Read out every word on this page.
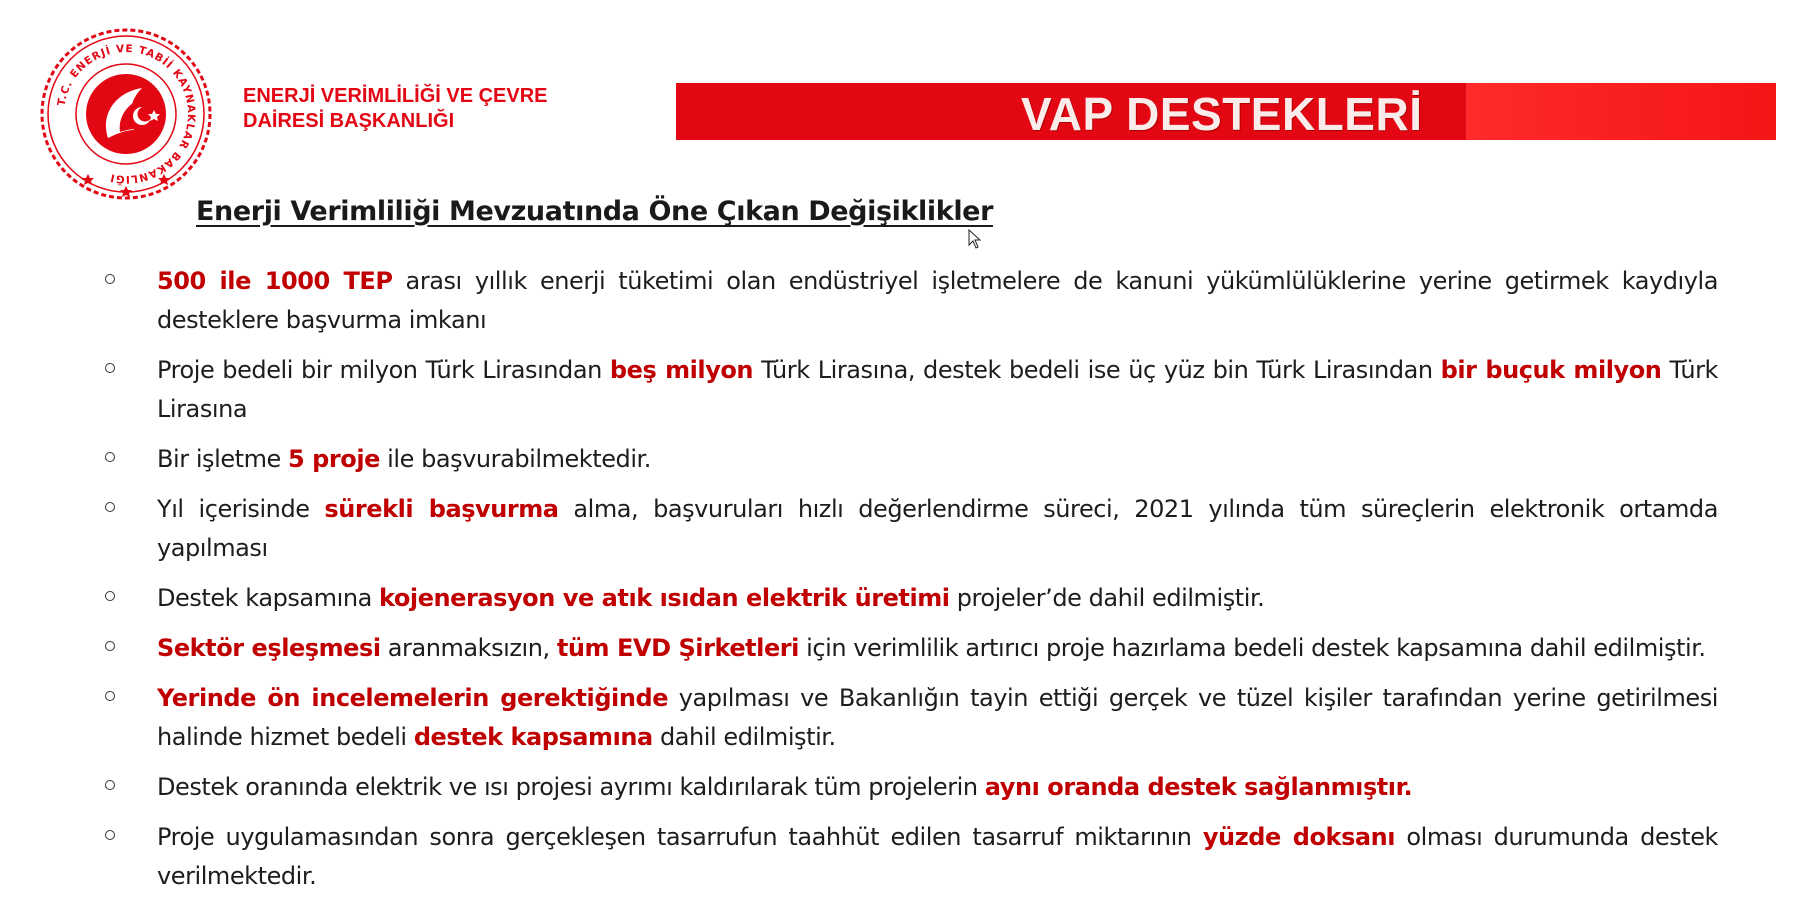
T.C. ENERJİ VE TABİİ KAYNAKLAR BAKANLIĞI
ENERJİ VERİMLİLİĞİ VE ÇEVRE
DAİRESİ BAŞKANLIĞI	VAP DESTEKLERİ
Enerji Verimliliği Mevzuatında Öne Çıkan Değişiklikler
500 ile 1000 TEP arası yıllık enerji tüketimi olan endüstriyel işletmelere de kanuni yükümlülüklerine yerine getirmek kaydıyla desteklere başvurma imkanı
Proje bedeli bir milyon Türk Lirasından beş milyon Türk Lirasına, destek bedeli ise üç yüz bin Türk Lirasından bir buçuk milyon Türk Lirasına
Bir işletme 5 proje ile başvurabilmektedir.
Yıl içerisinde sürekli başvurma alma, başvuruları hızlı değerlendirme süreci, 2021 yılında tüm süreçlerin elektronik ortamda yapılması
Destek kapsamına kojenerasyon ve atık ısıdan elektrik üretimi projeler’de dahil edilmiştir.
Sektör eşleşmesi aranmaksızın, tüm EVD Şirketleri için verimlilik artırıcı proje hazırlama bedeli destek kapsamına dahil edilmiştir.
Yerinde ön incelemelerin gerektiğinde yapılması ve Bakanlığın tayin ettiği gerçek ve tüzel kişiler tarafından yerine getirilmesi halinde hizmet bedeli destek kapsamına dahil edilmiştir.
Destek oranında elektrik ve ısı projesi ayrımı kaldırılarak tüm projelerin aynı oranda destek sağlanmıştır.
Proje uygulamasından sonra gerçekleşen tasarrufun taahhüt edilen tasarruf miktarının yüzde doksanı olması durumunda destek verilmektedir.
